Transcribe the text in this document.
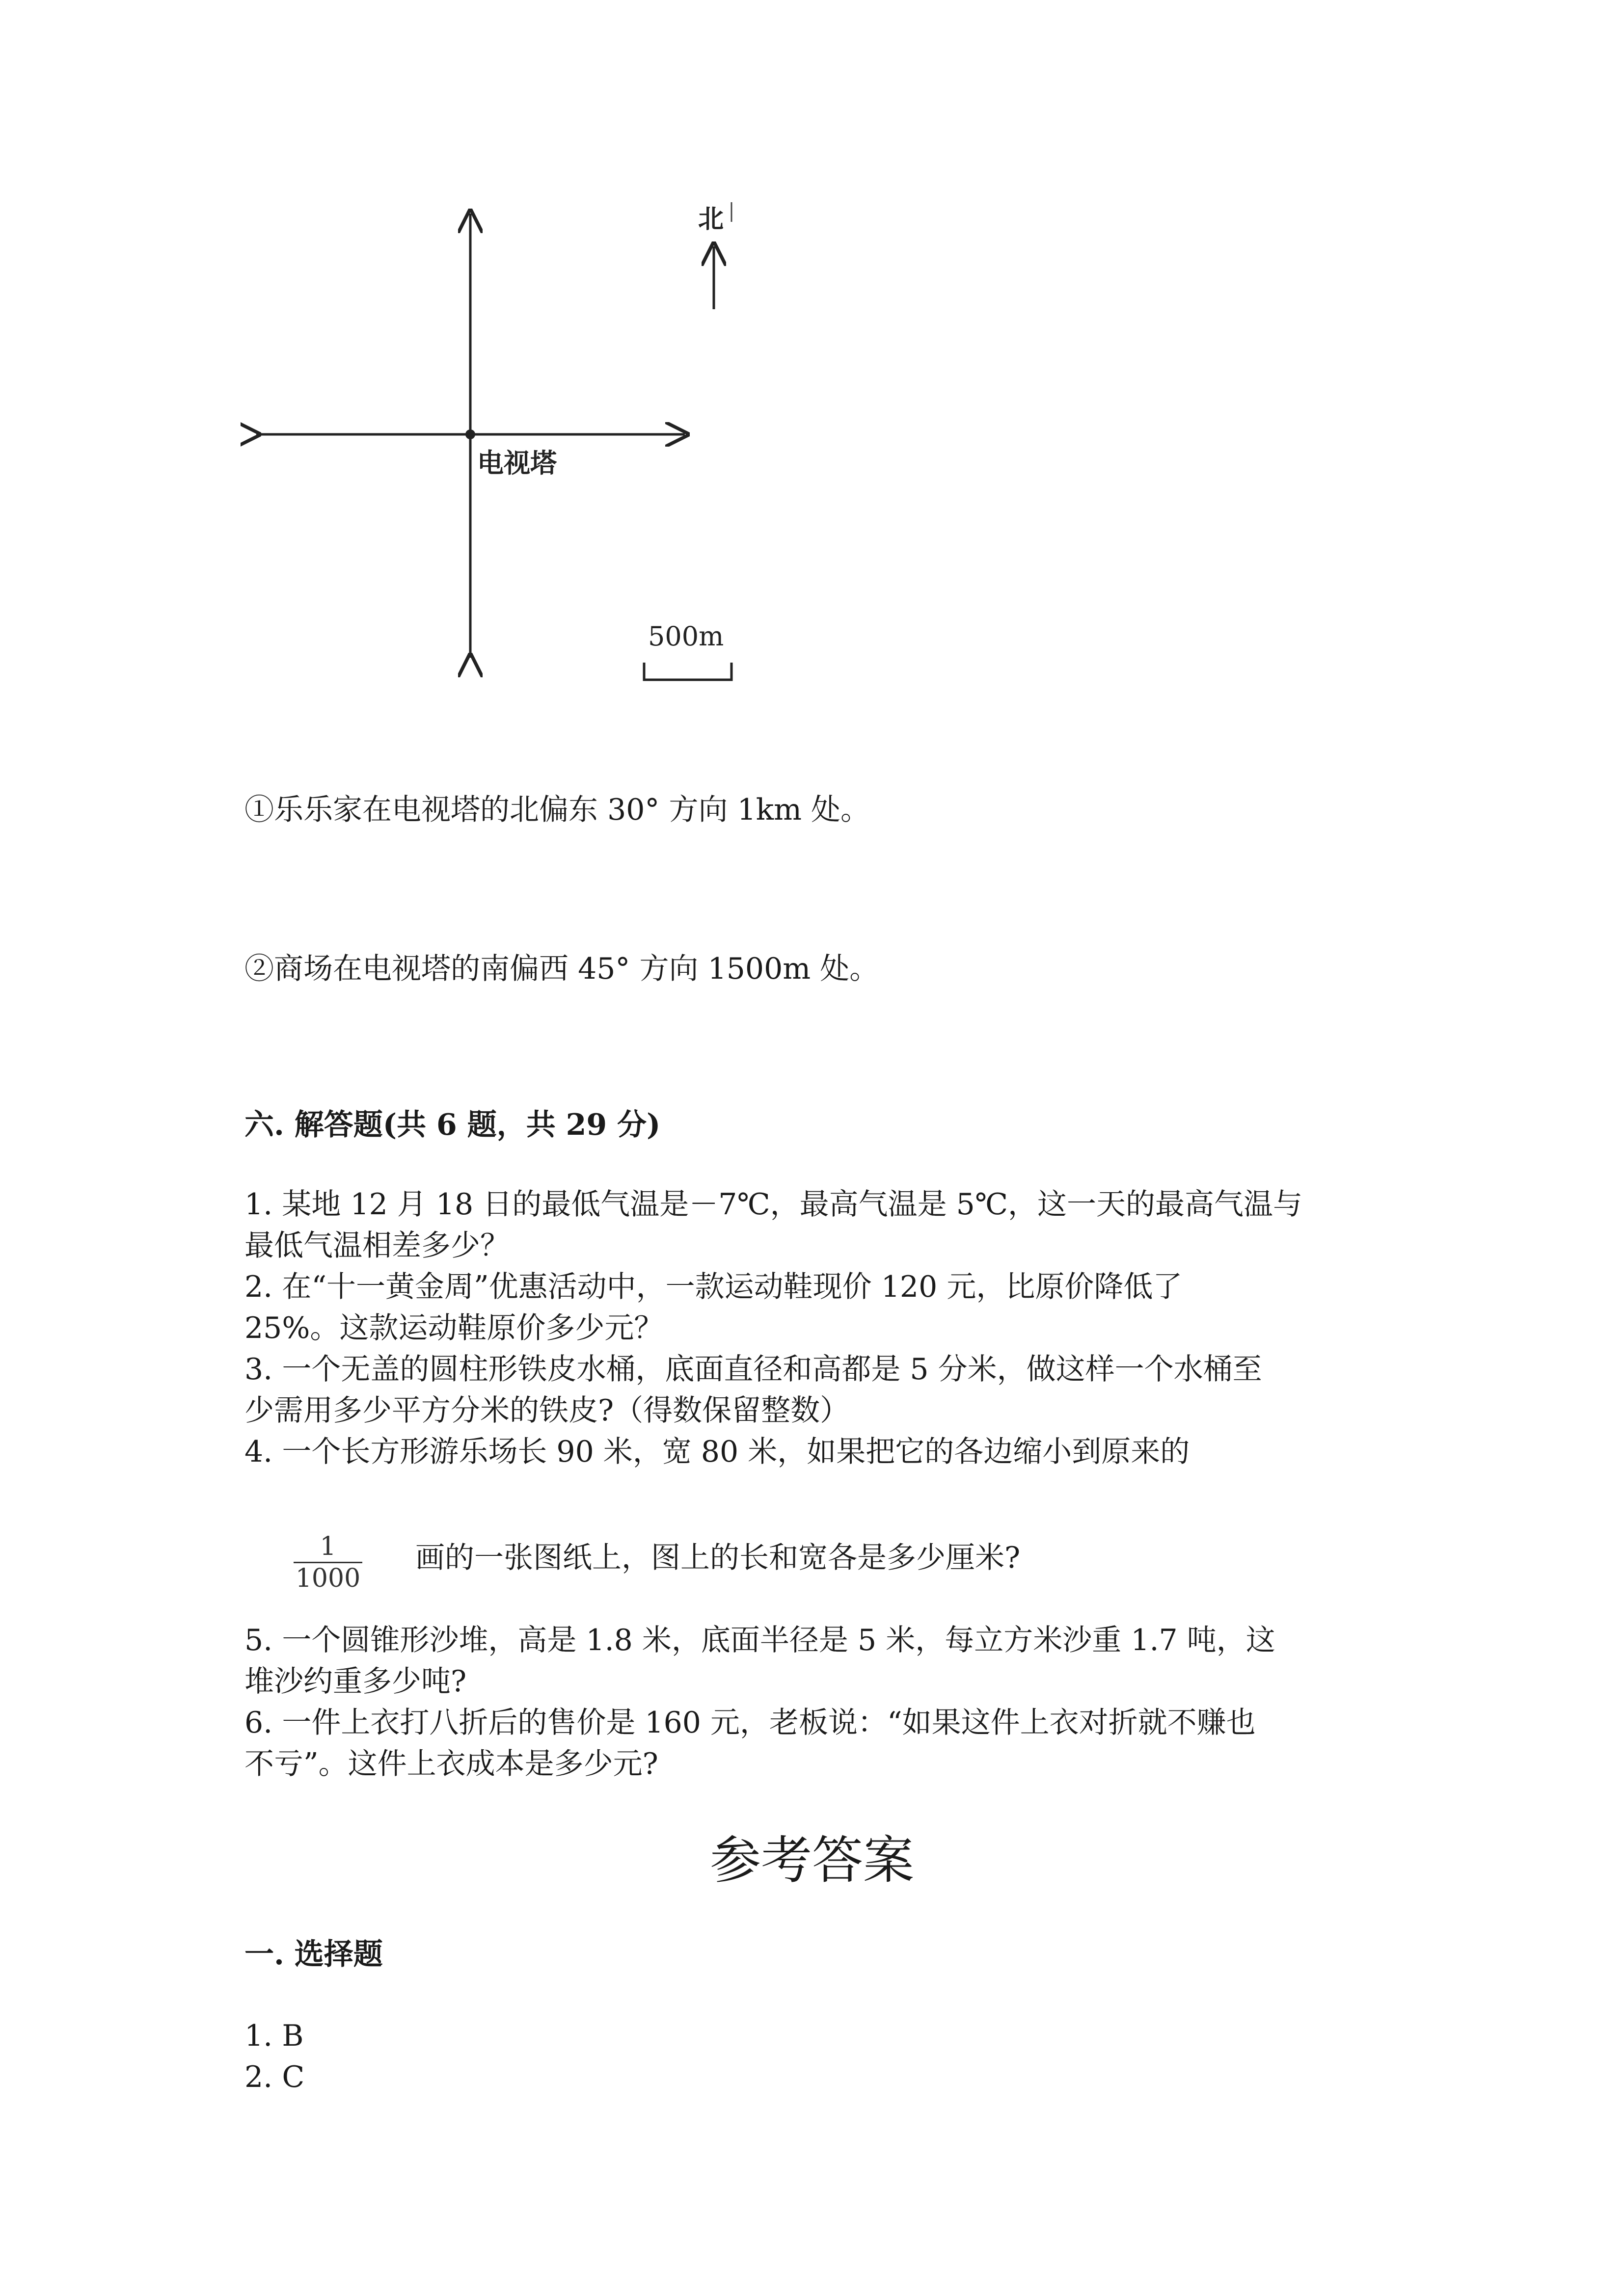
电视塔
北
500m
①乐乐家在电视塔的北偏东 30° 方向 1km 处。
②商场在电视塔的南偏西 45° 方向 1500m 处。
六. 解答题(共 6 题，共 29 分)
1. 某地 12 月 18 日的最低气温是－7℃，最高气温是 5℃，这一天的最高气温与
最低气温相差多少？
2. 在“十一黄金周”优惠活动中，一款运动鞋现价 120 元，比原价降低了
25%。这款运动鞋原价多少元？
3. 一个无盖的圆柱形铁皮水桶，底面直径和高都是 5 分米，做这样一个水桶至
少需用多少平方分米的铁皮?（得数保留整数）
4. 一个长方形游乐场长 90 米，宽 80 米，如果把它的各边缩小到原来的
$\frac{1}{1000}$ 画的一张图纸上，图上的长和宽各是多少厘米?
5. 一个圆锥形沙堆，高是 1.8 米，底面半径是 5 米，每立方米沙重 1.7 吨，这
堆沙约重多少吨?
6. 一件上衣打八折后的售价是 160 元，老板说：“如果这件上衣对折就不赚也
不亏”。这件上衣成本是多少元?
参考答案
一. 选择题
1. B
2. C
